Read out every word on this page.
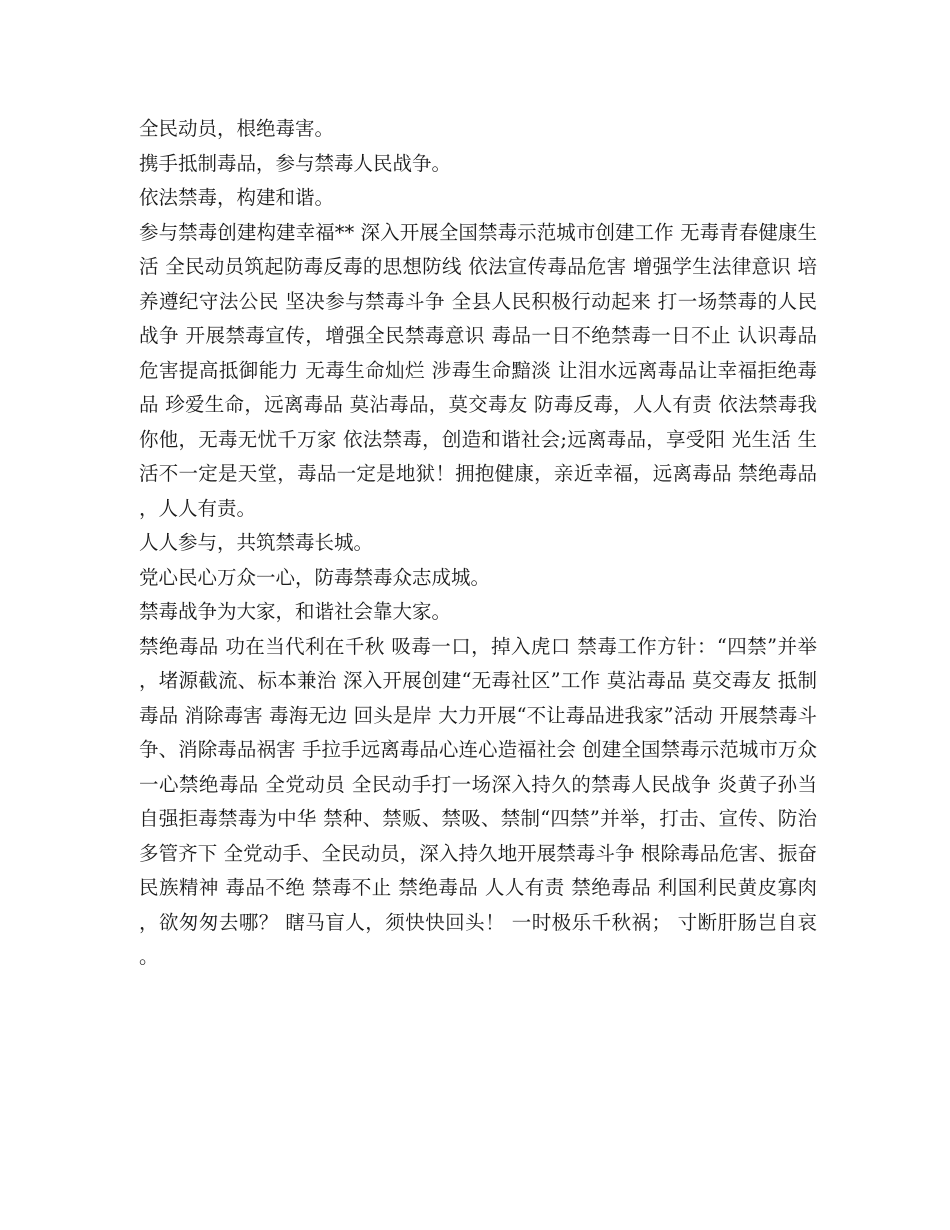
全民动员，根绝毒害。

携手抵制毒品，参与禁毒人民战争。

依法禁毒，构建和谐。

参与禁毒创建构建幸福** 深入开展全国禁毒示范城市创建工作 无毒青春健康生活 全民动员筑起防毒反毒的思想防线 依法宣传毒品危害 增强学生法律意识 培养遵纪守法公民 坚决参与禁毒斗争 全县人民积极行动起来 打一场禁毒的人民战争 开展禁毒宣传，增强全民禁毒意识 毒品一日不绝禁毒一日不止 认识毒品危害提高抵御能力 无毒生命灿烂 涉毒生命黯淡 让泪水远离毒品让幸福拒绝毒品 珍爱生命，远离毒品 莫沾毒品，莫交毒友 防毒反毒，人人有责 依法禁毒我你他，无毒无忧千万家 依法禁毒，创造和谐社会;远离毒品，享受阳 光生活 生活不一定是天堂，毒品一定是地狱！拥抱健康，亲近幸福，远离毒品 禁绝毒品，人人有责。

人人参与，共筑禁毒长城。

党心民心万众一心，防毒禁毒众志成城。

禁毒战争为大家，和谐社会靠大家。

禁绝毒品 功在当代利在千秋 吸毒一口，掉入虎口 禁毒工作方针：“四禁”并举，堵源截流、标本兼治 深入开展创建“无毒社区”工作 莫沾毒品 莫交毒友 抵制毒品 消除毒害 毒海无边 回头是岸 大力开展“不让毒品进我家”活动 开展禁毒斗争、消除毒品祸害 手拉手远离毒品心连心造福社会 创建全国禁毒示范城市万众一心禁绝毒品 全党动员 全民动手打一场深入持久的禁毒人民战争 炎黄子孙当自强拒毒禁毒为中华 禁种、禁贩、禁吸、禁制“四禁”并举，打击、宣传、防治多管齐下 全党动手、全民动员，深入持久地开展禁毒斗争 根除毒品危害、振奋民族精神 毒品不绝 禁毒不止 禁绝毒品 人人有责 禁绝毒品 利国利民黄皮寡肉，欲匆匆去哪？ 瞎马盲人，须快快回头！ 一时极乐千秋祸； 寸断肝肠岂自哀。
